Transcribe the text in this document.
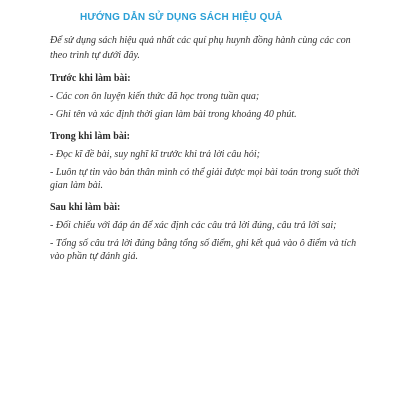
HƯỚNG DẪN SỬ DỤNG SÁCH HIỆU QUẢ

Để sử dụng sách hiệu quả nhất các quí phụ huynh đồng hành cùng các con theo trình tự dưới đây.

Trước khi làm bài:

- Các con ôn luyện kiến thức đã học trong tuần qua;

- Ghi tên và xác định thời gian làm bài trong khoảng 40 phút.

Trong khi làm bài:

- Đọc kĩ đề bài, suy nghĩ kĩ trước khi trả lời câu hỏi;

- Luôn tự tin vào bản thân mình có thể giải được mọi bài toán trong suốt thời gian làm bài.

Sau khi làm bài:

- Đối chiếu với đáp án để xác định các câu trả lời đúng, câu trả lời sai;

- Tổng số câu trả lời đúng bằng tổng số điểm, ghi kết quả vào ô điểm và tích vào phần tự đánh giá.
